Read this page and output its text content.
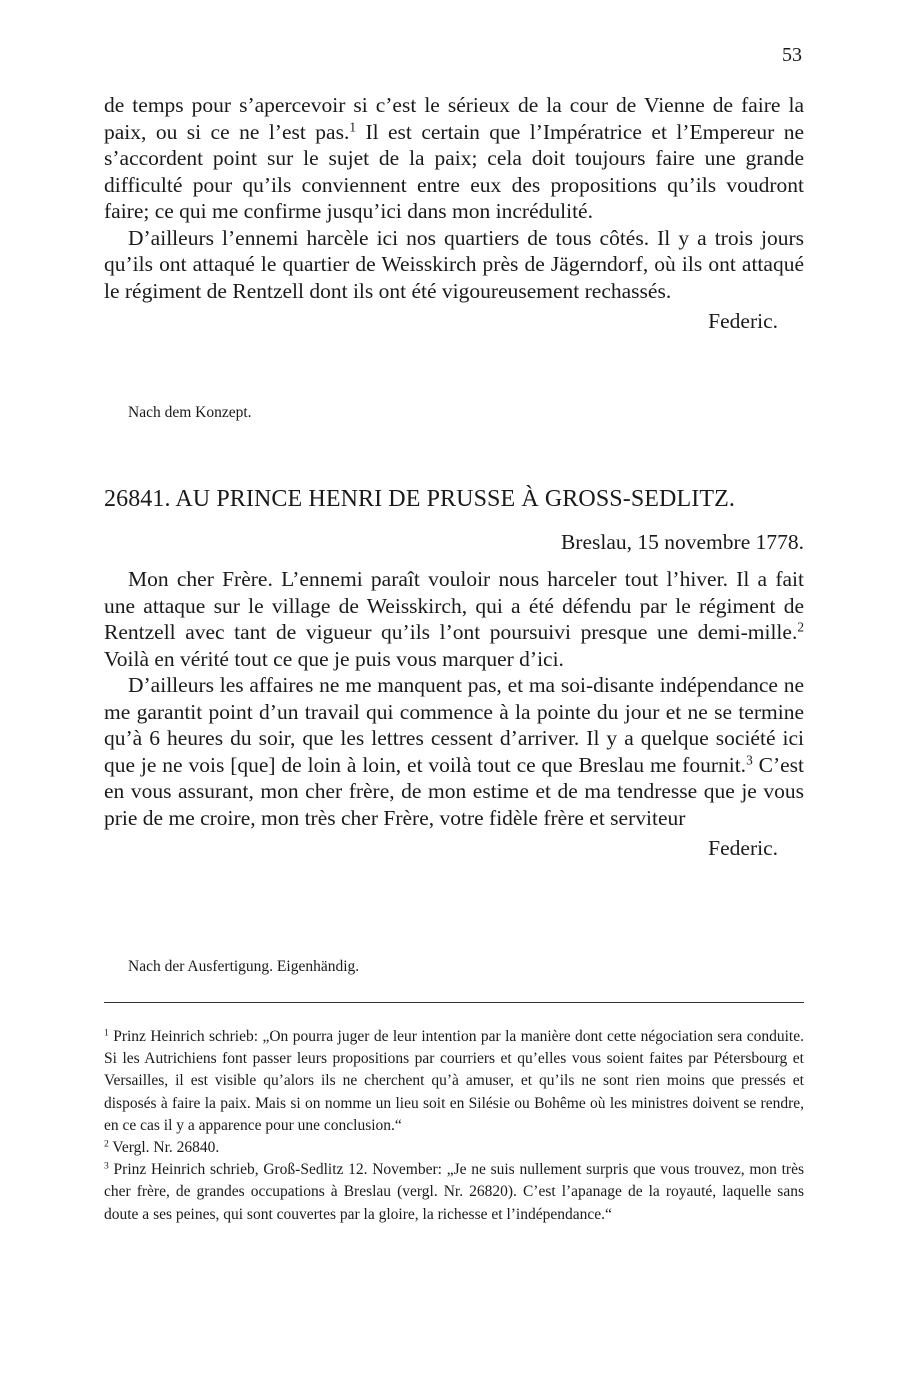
53

de temps pour s’apercevoir si c’est le sérieux de la cour de Vienne de faire la paix, ou si ce ne l’est pas.$^1$ Il est certain que l’Impératrice et l’Empereur ne s’accordent point sur le sujet de la paix; cela doit toujours faire une grande difficulté pour qu’ils conviennent entre eux des propositions qu’ils voudront faire; ce qui me confirme jusqu’ici dans mon incrédulité.

D’ailleurs l’ennemi harcèle ici nos quartiers de tous côtés. Il y a trois jours qu’ils ont attaqué le quartier de Weisskirch près de Jägerndorf, où ils ont attaqué le régiment de Rentzell dont ils ont été vigoureusement rechassés.

Federic.
Nach dem Konzept.
26841. AU PRINCE HENRI DE PRUSSE À GROSS-SEDLITZ.
Breslau, 15 novembre 1778.

Mon cher Frère. L’ennemi paraît vouloir nous harceler tout l’hiver. Il a fait une attaque sur le village de Weisskirch, qui a été défendu par le régiment de Rentzell avec tant de vigueur qu’ils l’ont poursuivi presque une demi-mille.$^2$ Voilà en vérité tout ce que je puis vous marquer d’ici.

D’ailleurs les affaires ne me manquent pas, et ma soi-disante indépendance ne me garantit point d’un travail qui commence à la pointe du jour et ne se termine qu’à 6 heures du soir, que les lettres cessent d’arriver. Il y a quelque société ici que je ne vois [que] de loin à loin, et voilà tout ce que Breslau me fournit.$^3$ C’est en vous assurant, mon cher frère, de mon estime et de ma tendresse que je vous prie de me croire, mon très cher Frère, votre fidèle frère et serviteur

Federic.
Nach der Ausfertigung. Eigenhändig.

$^1$ Prinz Heinrich schrieb: „On pourra juger de leur intention par la manière dont cette négociation sera conduite. Si les Autrichiens font passer leurs propositions par courriers et qu’elles vous soient faites par Pétersbourg et Versailles, il est visible qu’alors ils ne cherchent qu’à amuser, et qu’ils ne sont rien moins que pressés et disposés à faire la paix. Mais si on nomme un lieu soit en Silésie ou Bohême où les ministres doivent se rendre, en ce cas il y a apparence pour une conclusion.“

$^2$ Vergl. Nr. 26840.

$^3$ Prinz Heinrich schrieb, Groß-Sedlitz 12. November: „Je ne suis nullement surpris que vous trouvez, mon très cher frère, de grandes occupations à Breslau (vergl. Nr. 26820). C’est l’apanage de la royauté, laquelle sans doute a ses peines, qui sont couvertes par la gloire, la richesse et l’indépendance.“
